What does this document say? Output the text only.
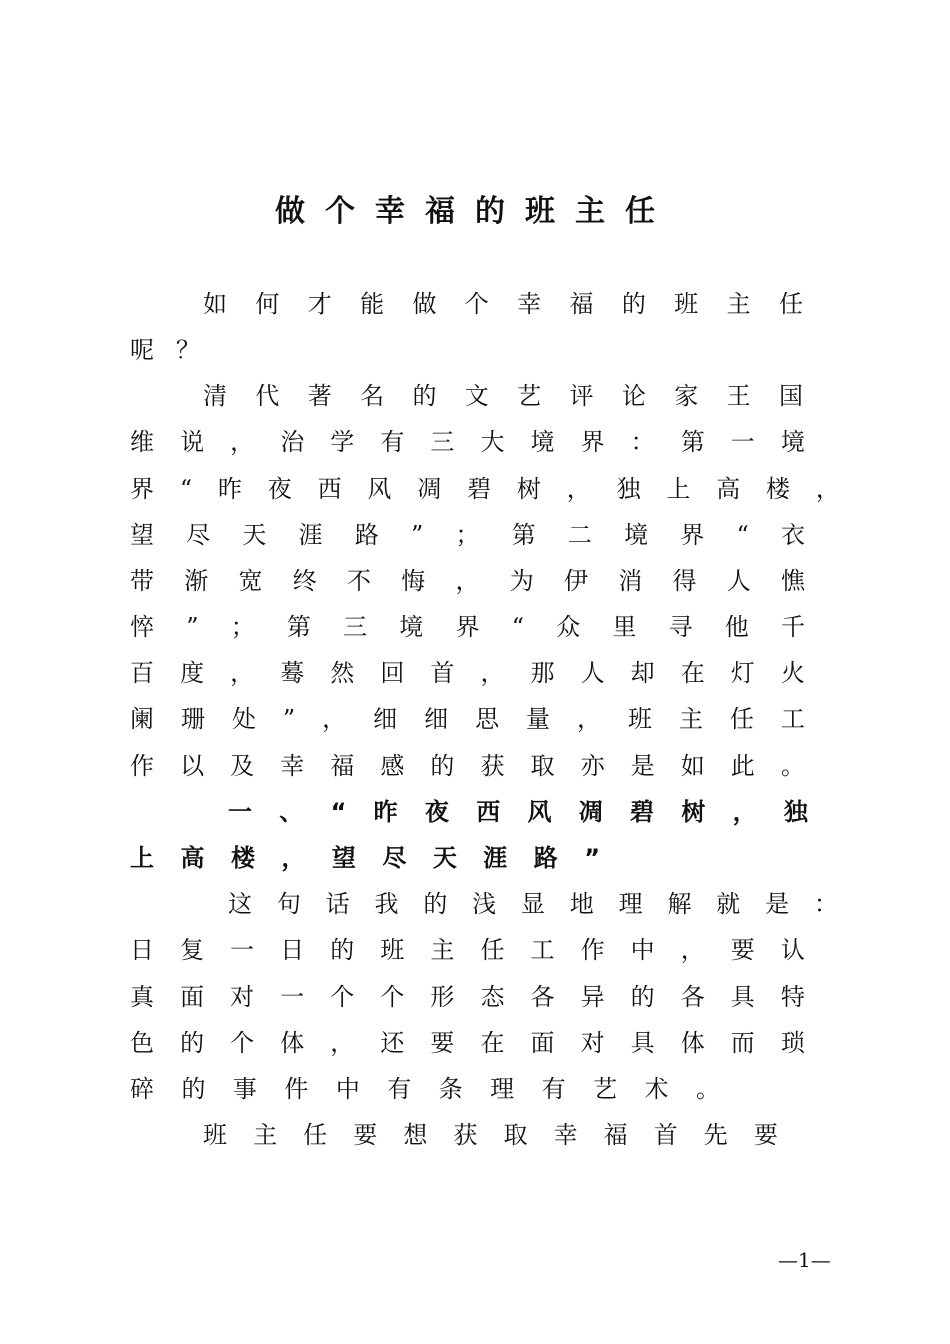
做个幸福的班主任
如 何 才 能 做 个 幸 福 的 班 主 任
呢 ？
清 代 著 名 的 文 艺 评 论 家 王 国
维 说 ， 治 学 有 三 大 境 界 ： 第 一 境
界 “ 昨 夜 西 风 凋 碧 树 ， 独 上 高 楼 ，
望 尽 天 涯 路 ” ； 第 二 境 界 “ 衣
带 渐 宽 终 不 悔 ， 为 伊 消 得 人 憔
悴 ” ； 第 三 境 界 “ 众 里 寻 他 千
百 度 ， 蓦 然 回 首 ， 那 人 却 在 灯 火
阑 珊 处 ” ， 细 细 思 量 ， 班 主 任 工
作 以 及 幸 福 感 的 获 取 亦 是 如 此 。
一 、 “ 昨 夜 西 风 凋 碧 树 ， 独
上 高 楼 ， 望 尽 天 涯 路 ”
这 句 话 我 的 浅 显 地 理 解 就 是 ：
日 复 一 日 的 班 主 任 工 作 中 ， 要 认
真 面 对 一 个 个 形 态 各 异 的 各 具 特
色 的 个 体 ， 还 要 在 面 对 具 体 而 琐
碎 的 事 件 中 有 条 理 有 艺 术 。
班 主 任 要 想 获 取 幸 福 首 先 要
—1—
